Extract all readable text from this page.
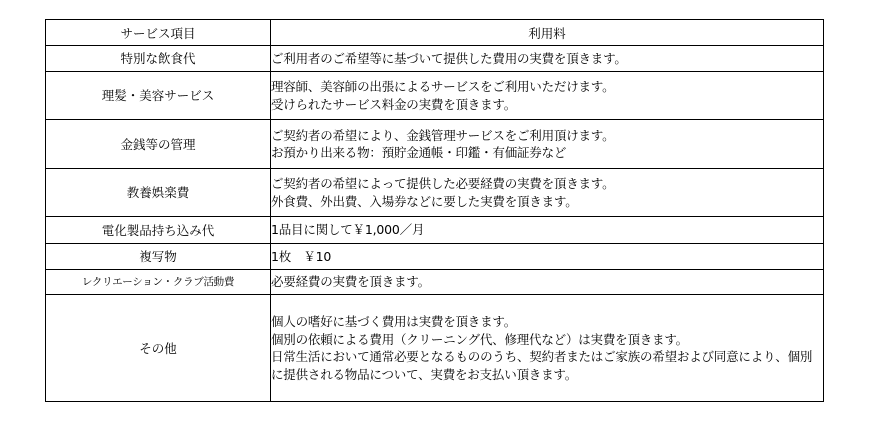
サービス項目	利用料
特別な飲食代	ご利用者のご希望等に基づいて提供した費用の実費を頂きます。

理髪・美容サービス	理容師、美容師の出張によるサービスをご利用いただけます。
受けられたサービス料金の実費を頂きます。

金銭等の管理	ご契約者の希望により、金銭管理サービスをご利用頂けます。
お預かり出来る物：預貯金通帳・印鑑・有価証券など

教養娯楽費	ご契約者の希望によって提供した必要経費の実費を頂きます。
外食費、外出費、入場券などに要した実費を頂きます。

電化製品持ち込み代	1品目に関して￥1,000／月

複写物	1枚　￥10

レクリエーション・クラブ活動費	必要経費の実費を頂きます。

その他	個人の嗜好に基づく費用は実費を頂きます。
個別の依頼による費用（クリーニング代、修理代など）は実費を頂きます。
日常生活において通常必要となるもののうち、契約者またはご家族の希望および同意により、個別に提供される物品について、実費をお支払い頂きます。
